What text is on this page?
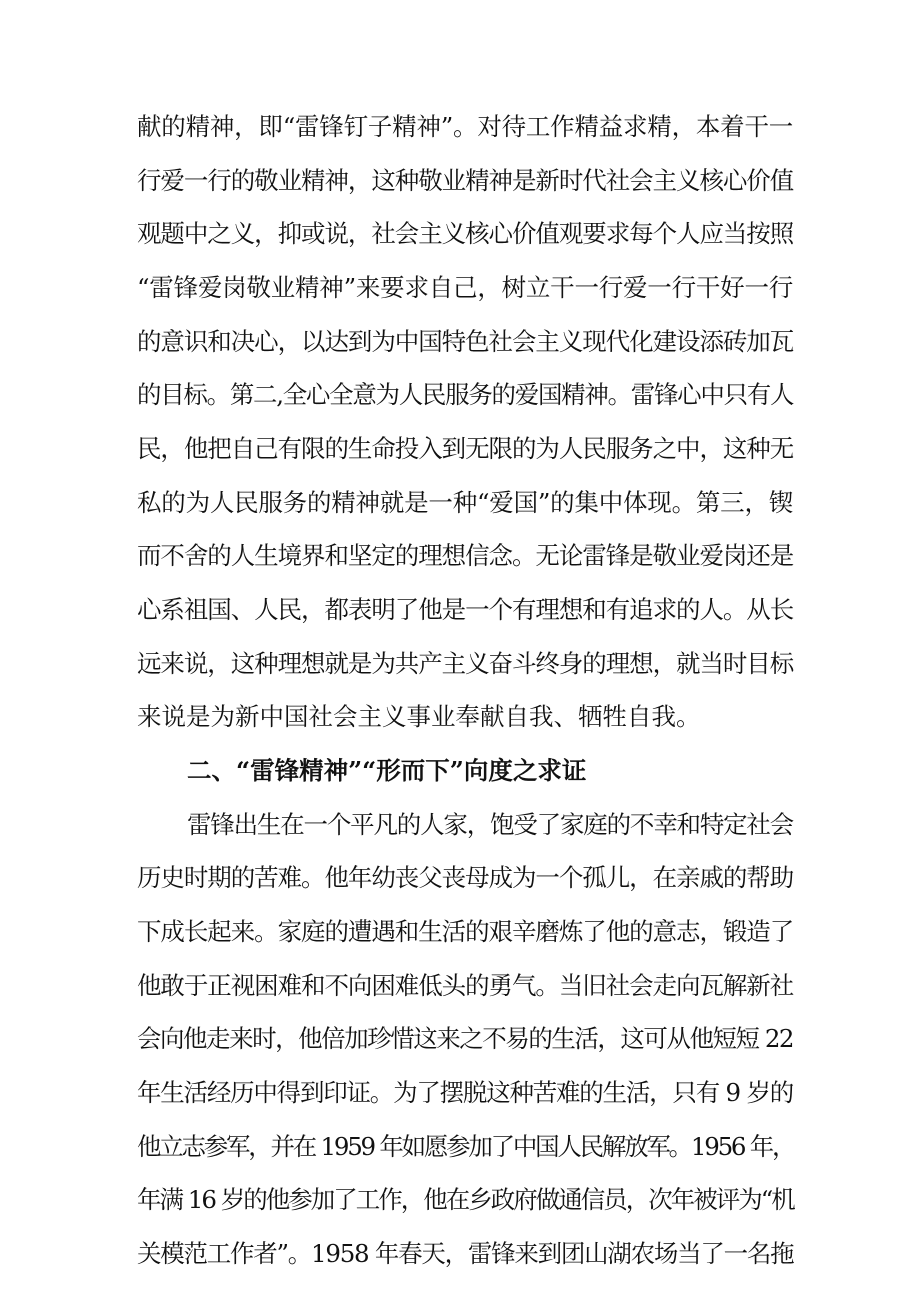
献的精神，即“雷锋钉子精神”。对待工作精益求精，本着干一
行爱一行的敬业精神，这种敬业精神是新时代社会主义核心价值
观题中之义，抑或说，社会主义核心价值观要求每个人应当按照
“雷锋爱岗敬业精神”来要求自己，树立干一行爱一行干好一行
的意识和决心，以达到为中国特色社会主义现代化建设添砖加瓦
的目标。第二,全心全意为人民服务的爱国精神。雷锋心中只有人
民，他把自己有限的生命投入到无限的为人民服务之中，这种无
私的为人民服务的精神就是一种“爱国”的集中体现。第三，锲
而不舍的人生境界和坚定的理想信念。无论雷锋是敬业爱岗还是
心系祖国、人民，都表明了他是一个有理想和有追求的人。从长
远来说，这种理想就是为共产主义奋斗终身的理想，就当时目标
来说是为新中国社会主义事业奉献自我、牺牲自我。
二、“雷锋精神”“形而下”向度之求证
雷锋出生在一个平凡的人家，饱受了家庭的不幸和特定社会
历史时期的苦难。他年幼丧父丧母成为一个孤儿，在亲戚的帮助
下成长起来。家庭的遭遇和生活的艰辛磨炼了他的意志，锻造了
他敢于正视困难和不向困难低头的勇气。当旧社会走向瓦解新社
会向他走来时，他倍加珍惜这来之不易的生活，这可从他短短 22
年生活经历中得到印证。为了摆脱这种苦难的生活，只有 9 岁的
他立志参军，并在 1959 年如愿参加了中国人民解放军。1956 年，
年满 16 岁的他参加了工作，他在乡政府做通信员，次年被评为“机
关模范工作者”。1958 年春天，雷锋来到团山湖农场当了一名拖
